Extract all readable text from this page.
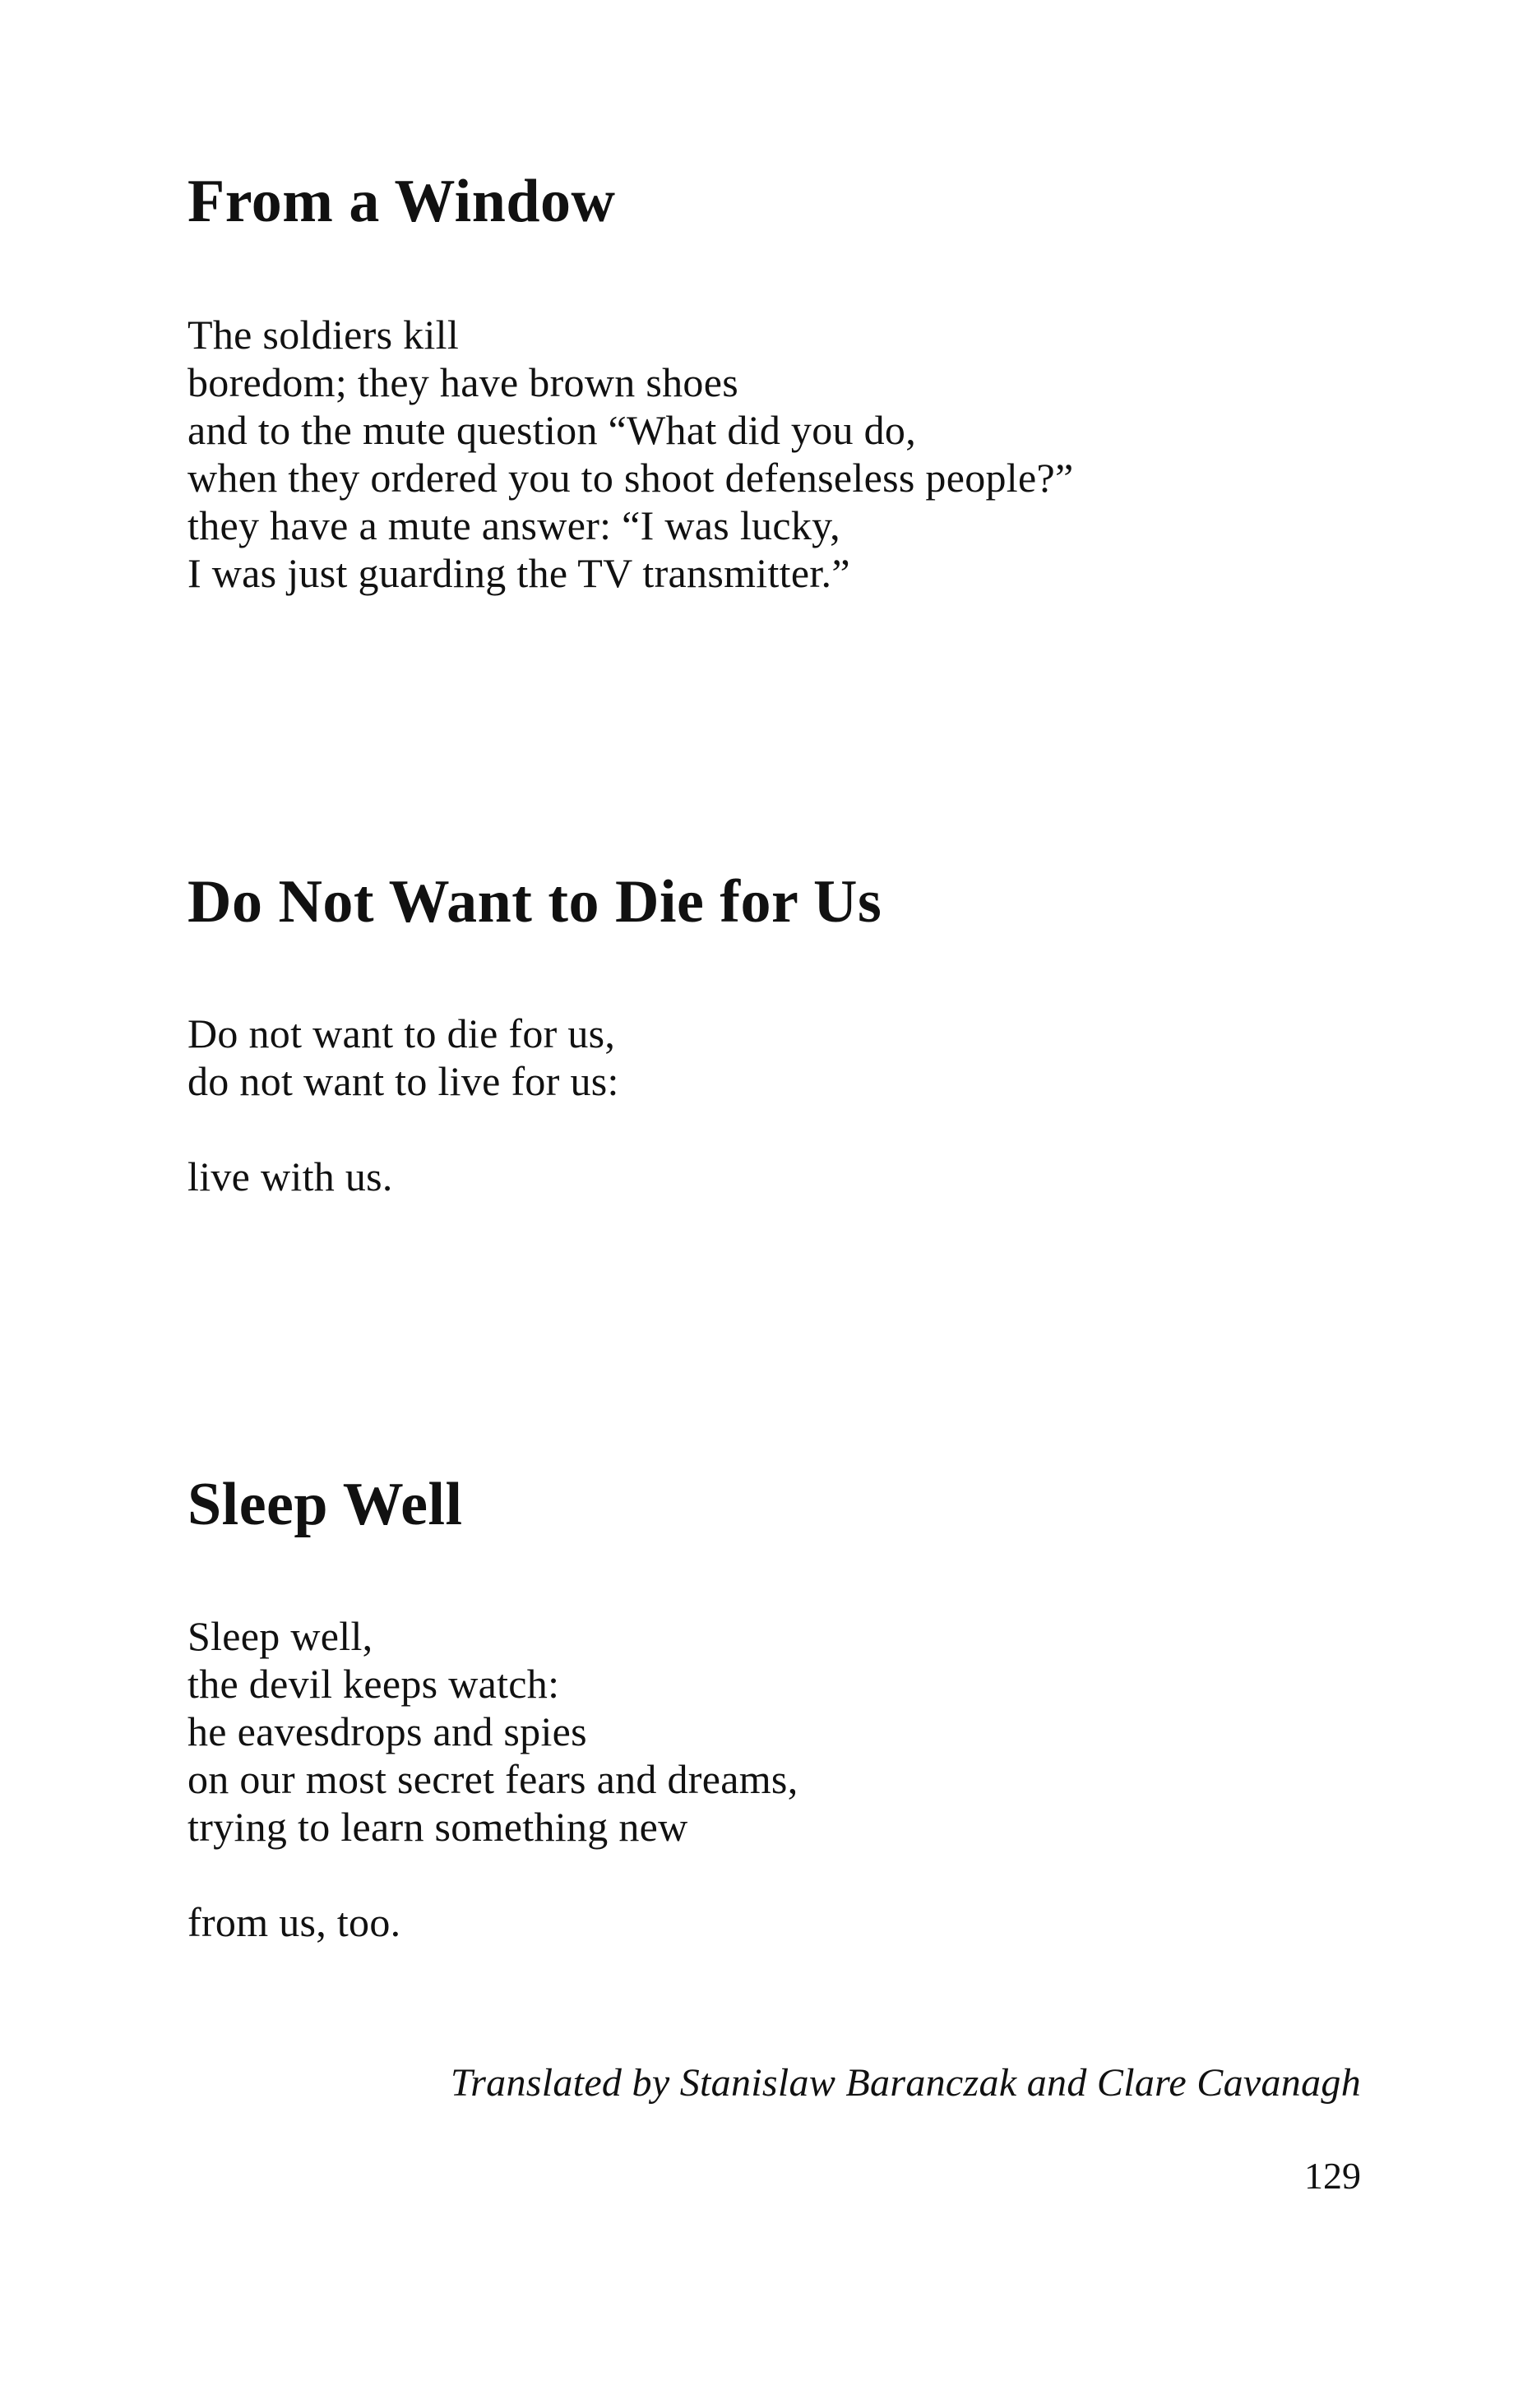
From a Window

The soldiers kill
boredom; they have brown shoes
and to the mute question “What did you do,
when they ordered you to shoot defenseless people?”
they have a mute answer: “I was lucky,
I was just guarding the TV transmitter.”

Do Not Want to Die for Us

Do not want to die for us,
do not want to live for us:

live with us.

Sleep Well

Sleep well,
the devil keeps watch:
he eavesdrops and spies
on our most secret fears and dreams,
trying to learn something new

from us, too.

Translated by Stanislaw Baranczak and Clare Cavanagh
129
